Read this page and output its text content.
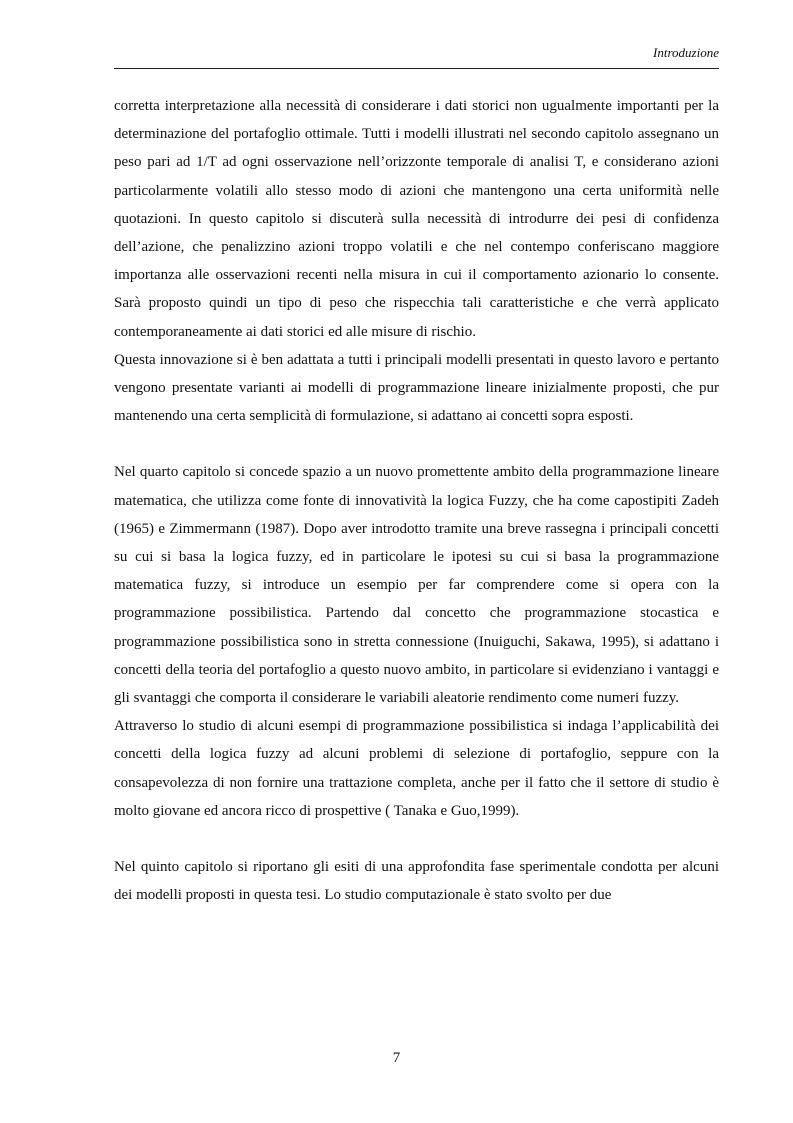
Introduzione

corretta interpretazione alla necessità di considerare i dati storici non ugualmente importanti per la determinazione del portafoglio ottimale. Tutti i modelli illustrati nel secondo capitolo assegnano un peso pari ad 1/T ad ogni osservazione nell’orizzonte temporale di analisi T, e considerano azioni particolarmente volatili allo stesso modo di azioni che mantengono una certa uniformità nelle quotazioni. In questo capitolo si discuterà sulla necessità di introdurre dei pesi di confidenza dell’azione, che penalizzino azioni troppo volatili e che nel contempo conferiscano maggiore importanza alle osservazioni recenti nella misura in cui il comportamento azionario lo consente. Sarà proposto quindi un tipo di peso che rispecchia tali caratteristiche e che verrà applicato contemporaneamente ai dati storici ed alle misure di rischio.

Questa innovazione si è ben adattata a tutti i principali modelli presentati in questo lavoro e pertanto vengono presentate varianti ai modelli di programmazione lineare inizialmente proposti, che pur mantenendo una certa semplicità di formulazione, si adattano ai concetti sopra esposti.

Nel quarto capitolo si concede spazio a un nuovo promettente ambito della programmazione lineare matematica, che utilizza come fonte di innovatività la logica Fuzzy, che ha come capostipiti Zadeh (1965) e Zimmermann (1987). Dopo aver introdotto tramite una breve rassegna i principali concetti su cui si basa la logica fuzzy, ed in particolare le ipotesi su cui si basa la programmazione matematica fuzzy, si introduce un esempio per far comprendere come si opera con la programmazione possibilistica. Partendo dal concetto che programmazione stocastica e programmazione possibilistica sono in stretta connessione (Inuiguchi, Sakawa, 1995), si adattano i concetti della teoria del portafoglio a questo nuovo ambito, in particolare si evidenziano i vantaggi e gli svantaggi che comporta il considerare le variabili aleatorie rendimento come numeri fuzzy.

Attraverso lo studio di alcuni esempi di programmazione possibilistica si indaga l’applicabilità dei concetti della logica fuzzy ad alcuni problemi di selezione di portafoglio, seppure con la consapevolezza di non fornire una trattazione completa, anche per il fatto che il settore di studio è molto giovane ed ancora ricco di prospettive ( Tanaka e Guo,1999).

Nel quinto capitolo si riportano gli esiti di una approfondita fase sperimentale condotta per alcuni dei modelli proposti in questa tesi. Lo studio computazionale è stato svolto per due

7
